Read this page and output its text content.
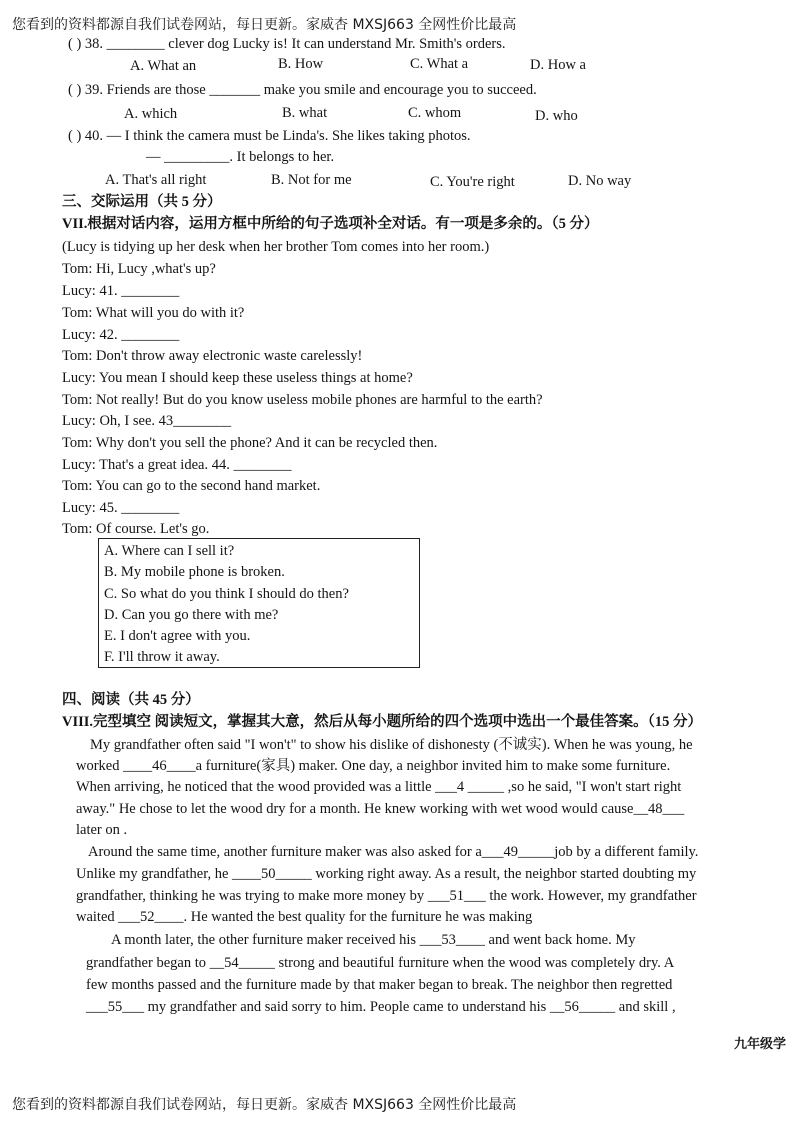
您看到的资料都源自我们试卷网站，每日更新。家威杏 MXSJ663 全网性价比最高
( ) 38. ________ clever dog Lucky is! It can understand Mr. Smith's orders.
A. What an	B. How	C. What a	D. How a
( ) 39. Friends are those _______ make you smile and encourage you to succeed.
A. which	B. what	C. whom	D. who
( ) 40. — I think the camera must be Linda's. She likes taking photos.
— _________. It belongs to her.
A. That's all right	B. Not for me	C. You're right	D. No way
三、交际运用（共 5 分）
VII.根据对话内容，运用方框中所给的句子选项补全对话。有一项是多余的。（5 分）
(Lucy is tidying up her desk when her brother Tom comes into her room.)
Tom: Hi, Lucy ,what's up?
Lucy: 41. ________
Tom: What will you do with it?
Lucy: 42. ________
Tom: Don't throw away electronic waste carelessly!
Lucy: You mean I should keep these useless things at home?
Tom: Not really! But do you know useless mobile phones are harmful to the earth?
Lucy: Oh, I see. 43________
Tom: Why don't you sell the phone? And it can be recycled then.
Lucy: That's a great idea. 44. ________
Tom: You can go to the second hand market.
Lucy: 45. ________
Tom: Of course. Let's go.
A. Where can I sell it?
B. My mobile phone is broken.
C. So what do you think I should do then?
D. Can you go there with me?
E. I don't agree with you.
F. I'll throw it away.
四、阅读（共 45 分）
VIII.完型填空 阅读短文，掌握其大意，然后从每小题所给的四个选项中选出一个最佳答案。（15 分）
My grandfather often said "I won't" to show his dislike of dishonesty (不诚实). When he was young, he
worked ____46____a furniture(家具) maker. One day, a neighbor invited him to make some furniture.
When arriving, he noticed that the wood provided was a little ___4 _____ ,so he said, "I won't start right
away." He chose to let the wood dry for a month. He knew working with wet wood would cause__48___
later on .
Around the same time, another furniture maker was also asked for a___49_____job by a different family.
Unlike my grandfather, he ____50_____ working right away. As a result, the neighbor started doubting my
grandfather, thinking he was trying to make more money by ___51___ the work. However, my grandfather
waited ___52____. He wanted the best quality for the furniture he was making
A month later, the other furniture maker received his ___53____ and went back home. My
grandfather began to __54_____ strong and beautiful furniture when the wood was completely dry. A
few months passed and the furniture made by that maker began to break. The neighbor then regretted
___55___ my grandfather and said sorry to him. People came to understand his __56_____ and skill ,
九年级学
您看到的资料都源自我们试卷网站，每日更新。家威杏 MXSJ663 全网性价比最高
